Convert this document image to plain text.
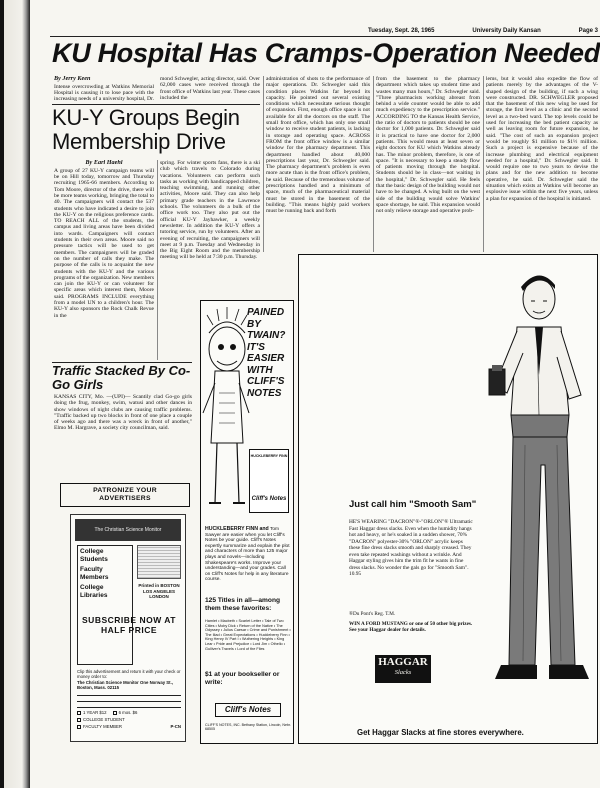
Tuesday, Sept. 28, 1965	University Daily Kansan	Page 3
KU Hospital Has Cramps-Operation Needed

By Jerry Keen

Intense overcrowding at Watkins Memorial Hospital is causing it to lose pace with the increasing needs of a university hospital, Dr.

mond Schwegler, acting director, said. Over 62,000 cases were received through the front office of Watkins last year. These cases included the

administration of shots to the performance of major operations. Dr. Schwegler said this condition places Watkins far beyond its capacity. He pointed out several existing conditions which necessitate serious thought of expansion. First, enough office space is not available for all the doctors on the staff. The small front office, which has only one small window to receive student patients, is lacking in storage and operating space. ACROSS FROM the front office window is a similar window for the pharmacy department. This department handled about 40,000 prescriptions last year, Dr. Schwegler said. The pharmacy department's problem is even more acute than is the front office's problem, he said. Because of the tremendous volume of prescriptions handled and a minimum of space, much of the pharmaceutical material must be stored in the basement of the building. "This means highly paid workers must be running back and forth

from the basement to the pharmacy department which takes up student time and wastes many man hours," Dr. Schwegler said. "Three pharmacists working abreast from behind a wide counter would be able to add much expediency to the prescription service." ACCORDING TO the Kansas Health Service, the ratio of doctors to patients should be one doctor for 1,000 patients. Dr. Schwegler said it is practical to have one doctor for 2,000 patients. This would mean at least seven or eight doctors for KU which Watkins already has. The minor problem, therefore, is one of space. "It is necessary to keep a steady flow of patients moving through the hospital. Students should be in class—not waiting in the hospital," Dr. Schwegler said. He feels that the basic design of the building would not have to be changed. A wing built on the west side of the building would solve Watkins' space shortage, he said. This expansion would not only relieve storage and operative prob-

lems, but it would also expedite the flow of patients merely by the advantages of the V-shaped design of the building, if such a wing were constructed. DR. SCHWEGLER proposed that the basement of this new wing be used for storage, the first level as a clinic and the second level as a two-bed ward. The top levels could be used for increasing the bed patient capacity as well as leaving room for future expansion, he said. "The cost of such an expansion project would be roughly $1 million to $1½ million. Such a project is expensive because of the increase plumbing and electrical equipment needed for a hospital," Dr. Schwegler said. It would require one to two years to devise the plans and for the new addition to become operative, he said. Dr. Schwegler said the situation which exists at Watkins will become an explosive issue within the next five years, unless a plan for expansion of the hospital is initiated.

KU-Y Groups Begin Membership Drive

By Earl Haehl

A group of 27 KU-Y campaign teams will be on Hill today, tomorrow and Thursday recruiting 1965-66 members. According to Tom Moore, director of the drive, there will be more teams working, bringing the total to 40. The campaigners will contact the 537 students who have indicated a desire to join the KU-Y on the religious preference cards. TO REACH ALL of the students, the campus and living areas have been divided into wards. Campaigners will contact students in their own areas. Moore said no pressure tactics will be used to get members. The campaigners will be graded on the number of calls they make. The purpose of the calls is to acquaint the new students with the KU-Y and the various programs of the organization. New members can join the KU-Y or can volunteer for specific areas which interest them, Moore said. PROGRAMS INCLUDE everything from a model UN to a children's hour. The KU-Y also sponsors the Rock Chalk Revue in the

spring. For winter sports fans, there is a ski club which travels to Colorado during vacations. Volunteers can perform such tasks as working with handicapped children, teaching swimming, and running other activities, Moore said. They can also help primary grade teachers in the Lawrence schools. The volunteers do a bulk of the office work too. They also put out the official KU-Y Jayhawker, a weekly newsletter. In addition the KU-Y offers a tutoring service, run by volunteers. After an evening of recruiting, the campaigners will meet at 9 p.m. Tuesday and Wednesday in the Big Eight Room and the membership meeting will be held at 7:30 p.m. Thursday.

Traffic Stacked By Co-Go Girls

KANSAS CITY, Mo. —(UPI)— Scantily clad Go-go girls doing the frug, monkey, swim, watusi and other dances in show windows of night clubs are causing traffic problems. "Traffic backed up two blocks in front of one place a couple of weeks ago and there was a wreck in front of another," Elmo M. Hargrave, a society city councilman, said.

PATRONIZE YOUR
ADVERTISERS
The Christian Science Monitor
College Students
Faculty Members
College Libraries
Printed in BOSTON LOS ANGELES LONDON
SUBSCRIBE NOW AT HALF PRICE
Clip this advertisement and return it with your check or money order to:
The Christian Science Monitor One Norway St., Boston, Mass. 02115
1 YEAR $12	6 mos. $6
COLLEGE STUDENT
FACULTY MEMBER	P-CN
PAINED BY TWAIN? IT'S EASIER WITH CLIFF'S NOTES
HUCKLEBERRY FINN
Cliff's Notes
HUCKLEBERRY FINN and Tom Sawyer are easier when you let Cliff's Notes be your guide. Cliff's Notes expertly summarize and explain the plot and characters of more than 125 major plays and novels—including Shakespeare's works. Improve your understanding—and your grades. Call on Cliff's Notes for help in any literature course.
125 Titles in all—among them these favorites:
Hamlet • Macbeth • Scarlet Letter • Tale of Two Cities • Moby Dick • Return of the Native • The Odyssey • Julius Caesar • Crime and Punishment • The Iliad • Great Expectations • Huckleberry Finn • King Henry IV Part I • Wuthering Heights • King Lear • Pride and Prejudice • Lord Jim • Othello • Gulliver's Travels • Lord of the Flies
$1 at your bookseller or write:
Cliff's Notes
CLIFF'S NOTES, INC. Bethany Station, Lincoln, Nebr. 68505
Just call him "Smooth Sam"
HE'S WEARING "DACRON"®-"ORLON"® Ultramatic Fast Haggar dress slacks. Even when the humidity hangs hot and heavy, or he's soaked in a sudden shower, 70% "DACRON" polyester-30% "ORLON" acrylic keeps these fine dress slacks smooth and sharply creased. They even take repeated washings without a wrinkle. And Haggar styling gives him the trim fit he wants in fine dress slacks. No wonder the gals go for "Smooth Sam". 10.95
®Du Pont's Reg. T.M.
WIN A FORD MUSTANG or one of 50 other big prizes. See your Haggar dealer for details.
HAGGAR
Slacks
Get Haggar Slacks at fine stores everywhere.
